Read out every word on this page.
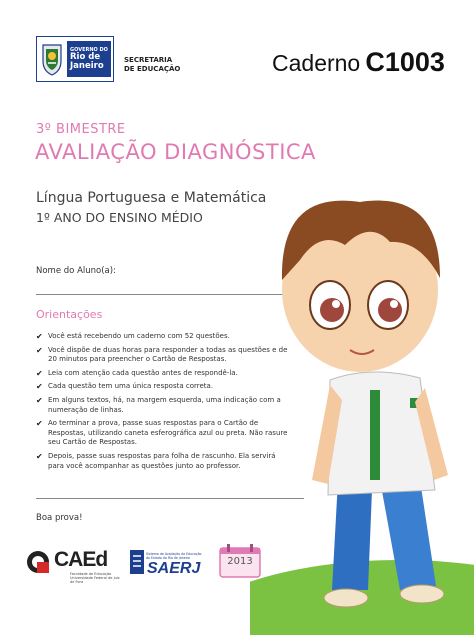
GOVERNO DO
Rio de
Janeiro
SECRETARIA
DE EDUCAÇÃO	Caderno C1003
3º BIMESTRE
AVALIAÇÃO DIAGNÓSTICA
Língua Portuguesa e Matemática
1º ANO DO ENSINO MÉDIO
Nome do Aluno(a):
Orientações
✔ Você está recebendo um caderno com 52 questões.
✔ Você dispõe de duas horas para responder a todas as questões e de 20 minutos para preencher o Cartão de Respostas.
✔ Leia com atenção cada questão antes de respondê-la.
✔ Cada questão tem uma única resposta correta.
✔ Em alguns textos, há, na margem esquerda, uma indicação com a numeração de linhas.
✔ Ao terminar a prova, passe suas respostas para o Cartão de Respostas, utilizando caneta esferográfica azul ou preta. Não rasure seu Cartão de Respostas.
✔ Depois, passe suas respostas para folha de rascunho. Ela servirá para você acompanhar as questões junto ao professor.
Boa prova!
CAEd
Faculdade de Educação Universidade Federal de Juiz de Fora
Sistema de Avaliação da Educação do Estado do Rio de Janeiro
SAERJ	2013
